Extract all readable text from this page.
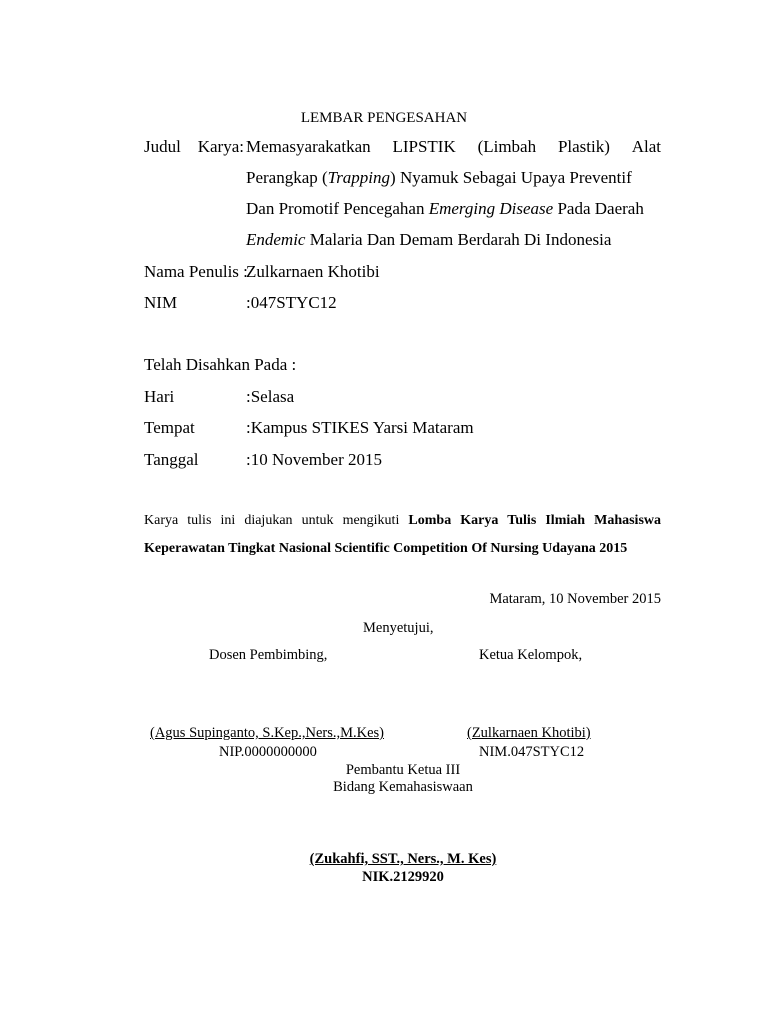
LEMBAR PENGESAHAN
Judul Karya: Memasyarakatkan LIPSTIK (Limbah Plastik) Alat
Perangkap (Trapping) Nyamuk Sebagai Upaya Preventif
Dan Promotif Pencegahan Emerging Disease Pada Daerah
Endemic Malaria Dan Demam Berdarah Di Indonesia
Nama Penulis :
Zulkarnaen Khotibi
NIM	:047STYC12
Telah Disahkan Pada :
Hari	:Selasa
Tempat	:Kampus STIKES Yarsi Mataram
Tanggal	:10 November 2015
Karya tulis ini diajukan untuk mengikuti Lomba Karya Tulis Ilmiah Mahasiswa Keperawatan Tingkat Nasional Scientific Competition Of Nursing Udayana 2015
Mataram, 10 November 2015
Menyetujui,
Dosen Pembimbing,	Ketua Kelompok,
(Agus Supinganto, S.Kep.,Ners.,M.Kes)
NIP.0000000000
(Zulkarnaen Khotibi)
NIM.047STYC12
Pembantu Ketua III
Bidang Kemahasiswaan
(Zukahfi, SST., Ners., M. Kes)
NIK.2129920
